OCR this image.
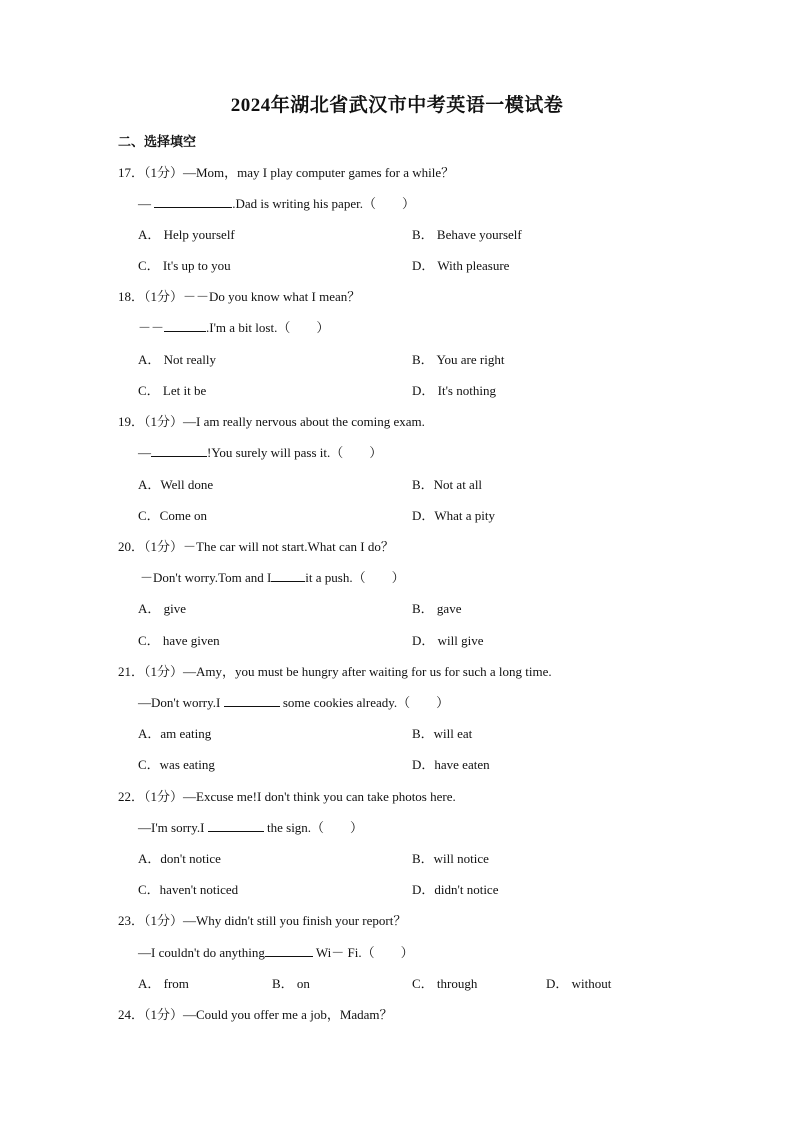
2024年湖北省武汉市中考英语一模试卷
二、选择填空
17．（1分）—Mom，may I play computer games for a while？
—	.Dad is writing his paper.（　　）
A． Help yourself	B． Behave yourself
C． It's up to you	D． With pleasure
18．（1分）－－Do you know what I mean？
－－	.I'm a bit lost.（　　）
A． Not really	B． You are right
C． Let it be	D． It's nothing
19．（1分）—I am really nervous about the coming exam.
—	!You surely will pass it.（　　）
A．Well done	B．Not at all
C．Come on	D．What a pity
20．（1分）－The car will not start.What can I do？
－Don't worry.Tom and I	it a push.（　　）
A． give	B． gave
C． have given	D． will give
21．（1分）—Amy，you must be hungry after waiting for us for such a long time.
—Don't worry.I	some cookies already.（　　）
A．am eating	B．will eat
C．was eating	D．have eaten
22．（1分）—Excuse me!I don't think you can take photos here.
—I'm sorry.I	the sign.（　　）
A．don't notice	B．will notice
C．haven't noticed	D．didn't notice
23．（1分）—Why didn't still you finish your report？
—I couldn't do anything	Wi－ Fi.（　　）
A． from	B． on	C． through	D． without
24．（1分）—Could you offer me a job，Madam？
